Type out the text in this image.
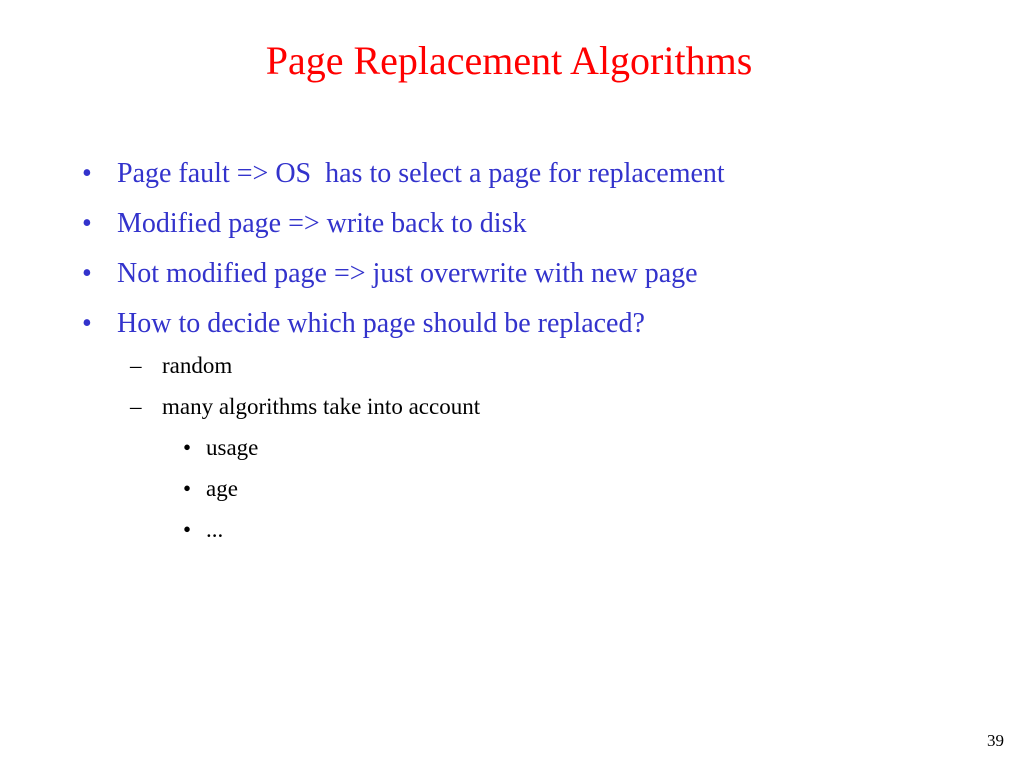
Page Replacement Algorithms
• Page fault => OS  has to select a page for replacement
• Modified page => write back to disk
• Not modified page => just overwrite with new page
• How to decide which page should be replaced?
– random
– many algorithms take into account
• usage
• age
• ...
39
